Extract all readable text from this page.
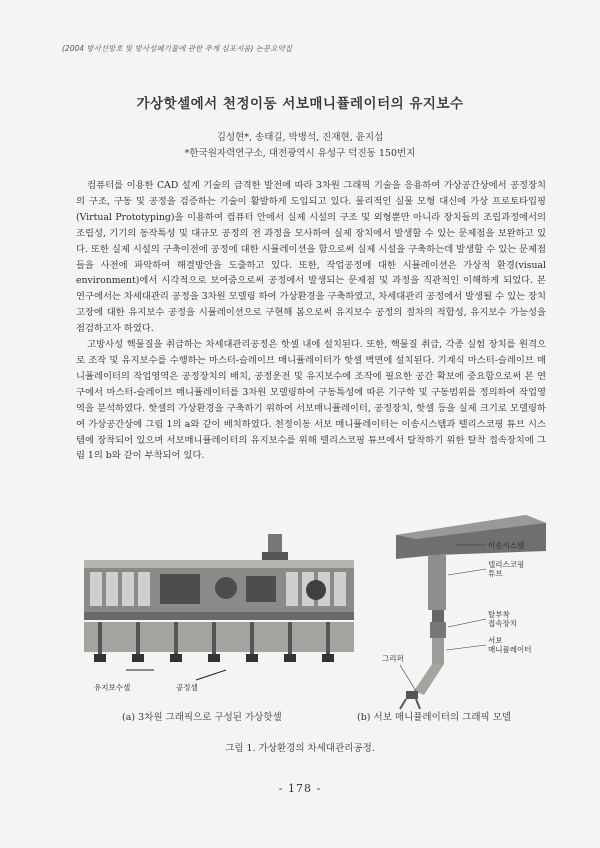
(2004 방사선방호 및 방사성폐기물에 관한 추계 심포지움) 논문요약집
가상핫셀에서 천정이동 서보매니퓰레이터의 유지보수
김성현*, 송태길, 박병석, 진재현, 윤지섭
*한국원자력연구소, 대전광역시 유성구 덕진동 150번지

컴퓨터를 이용한 CAD 설계 기술의 급격한 발전에 따라 3차원 그래픽 기술을 응용하여 가상공간상에서 공정장치의 구조, 구동 및 공정을 검증하는 기술이 활발하게 도입되고 있다. 물리적인 실물 모형 대신에 가상 프로토타입핑(Virtual Prototyping)을 이용하여 컴퓨터 안에서 실제 시설의 구조 및 외형뿐만 아니라 장치들의 조립과정에서의 조립성, 기기의 동작특성 및 대규모 공정의 전 과정을 모사하여 실제 장치에서 발생할 수 있는 문제점을 보완하고 있다. 또한 실제 시설의 구축이전에 공정에 대한 시뮬레이션을 함으로써 실제 시설을 구축하는데 발생할 수 있는 문제점들을 사전에 파악하여 해결방안을 도출하고 있다. 또한, 작업공정에 대한 시뮬레이션은 가상적 환경(visual environment)에서 시각적으로 보여줌으로써 공정에서 발생되는 문제점 및 과정을 직관적인 이해하게 되었다. 본 연구에서는 차세대관리 공정을 3차원 모델링 하여 가상환경을 구축하였고, 차세대관리 공정에서 발생될 수 있는 장치 고장에 대한 유지보수 공정을 시뮬레이션으로 구현해 봄으로써 유지보수 공정의 절차의 적합성, 유지보수 가능성을 점검하고자 하였다.

고방사성 핵물질을 취급하는 차세대관리공정은 핫셀 내에 설치된다. 또한, 핵물질 취급, 각종 실험 장치를 원격으로 조작 및 유지보수를 수행하는 마스터-슬레이브 매니퓰레이터가 핫셀 벽면에 설치된다. 기계식 마스터-슬레이브 매니퓰레이터의 작업영역은 공정장치의 배치, 공정운전 및 유지보수에 조작에 필요한 공간 확보에 중요함으로써 본 연구에서 마스터-슬레이브 매니퓰레이터를 3차원 모델링하여 구동특성에 따른 기구학 및 구동범위를 정의하여 작업영역을 분석하였다. 핫셀의 가상환경을 구축하기 위하여 서보매니퓰레이터, 공정장치, 핫셀 등을 실제 크기로 모델링하여 가상공간상에 그림 1의 a와 같이 배치하였다. 천정이동 서보 매니퓰레이터는 이송시스템과 텔리스코핑 튜브 시스템에 장착되어 있으며 서보매니퓰레이터의 유지보수를 위해 텔리스코핑 튜브에서 탈착하기 위한 탈착 접속장치에 그림 1의 b와 같이 부착되어 있다.

유지보수셀	공정셀
이송시스템
텔리스코핑 튜브
탈부착 접속장치
서보 매니퓰레이터
그리퍼
(a) 3차원 그래픽으로 구성된 가상핫셀	(b) 서보 매니퓰레이터의 그래픽 모델
그림 1. 가상환경의 차세대관리공정.
- 178 -
